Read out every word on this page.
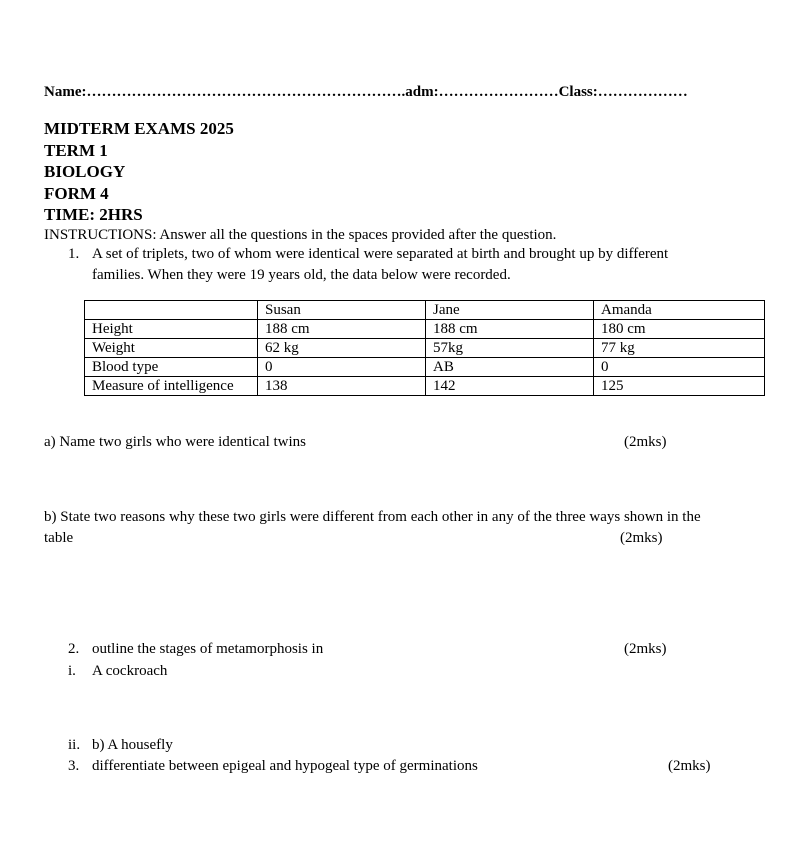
Name:……………………………………………………….adm:……………………Class:………………
MIDTERM EXAMS 2025
TERM 1
BIOLOGY
FORM 4
TIME: 2HRS
INSTRUCTIONS: Answer all the questions in the spaces provided after the question.
1. A set of triplets, two of whom were identical were separated at birth and brought up by different
families. When they were 19 years old, the data below were recorded.
	Susan	Jane	Amanda
Height	188 cm	188 cm	180 cm
Weight	62 kg	57kg	77 kg
Blood type	0	AB	0
Measure of intelligence	138	142	125
a) Name two girls who were identical twins	(2mks)
b) State two reasons why these two girls were different from each other in any of the three ways shown in the
table	(2mks)
2. outline the stages of metamorphosis in	(2mks)
i. A cockroach
ii. b) A housefly
3. differentiate between epigeal and hypogeal type of germinations	(2mks)
